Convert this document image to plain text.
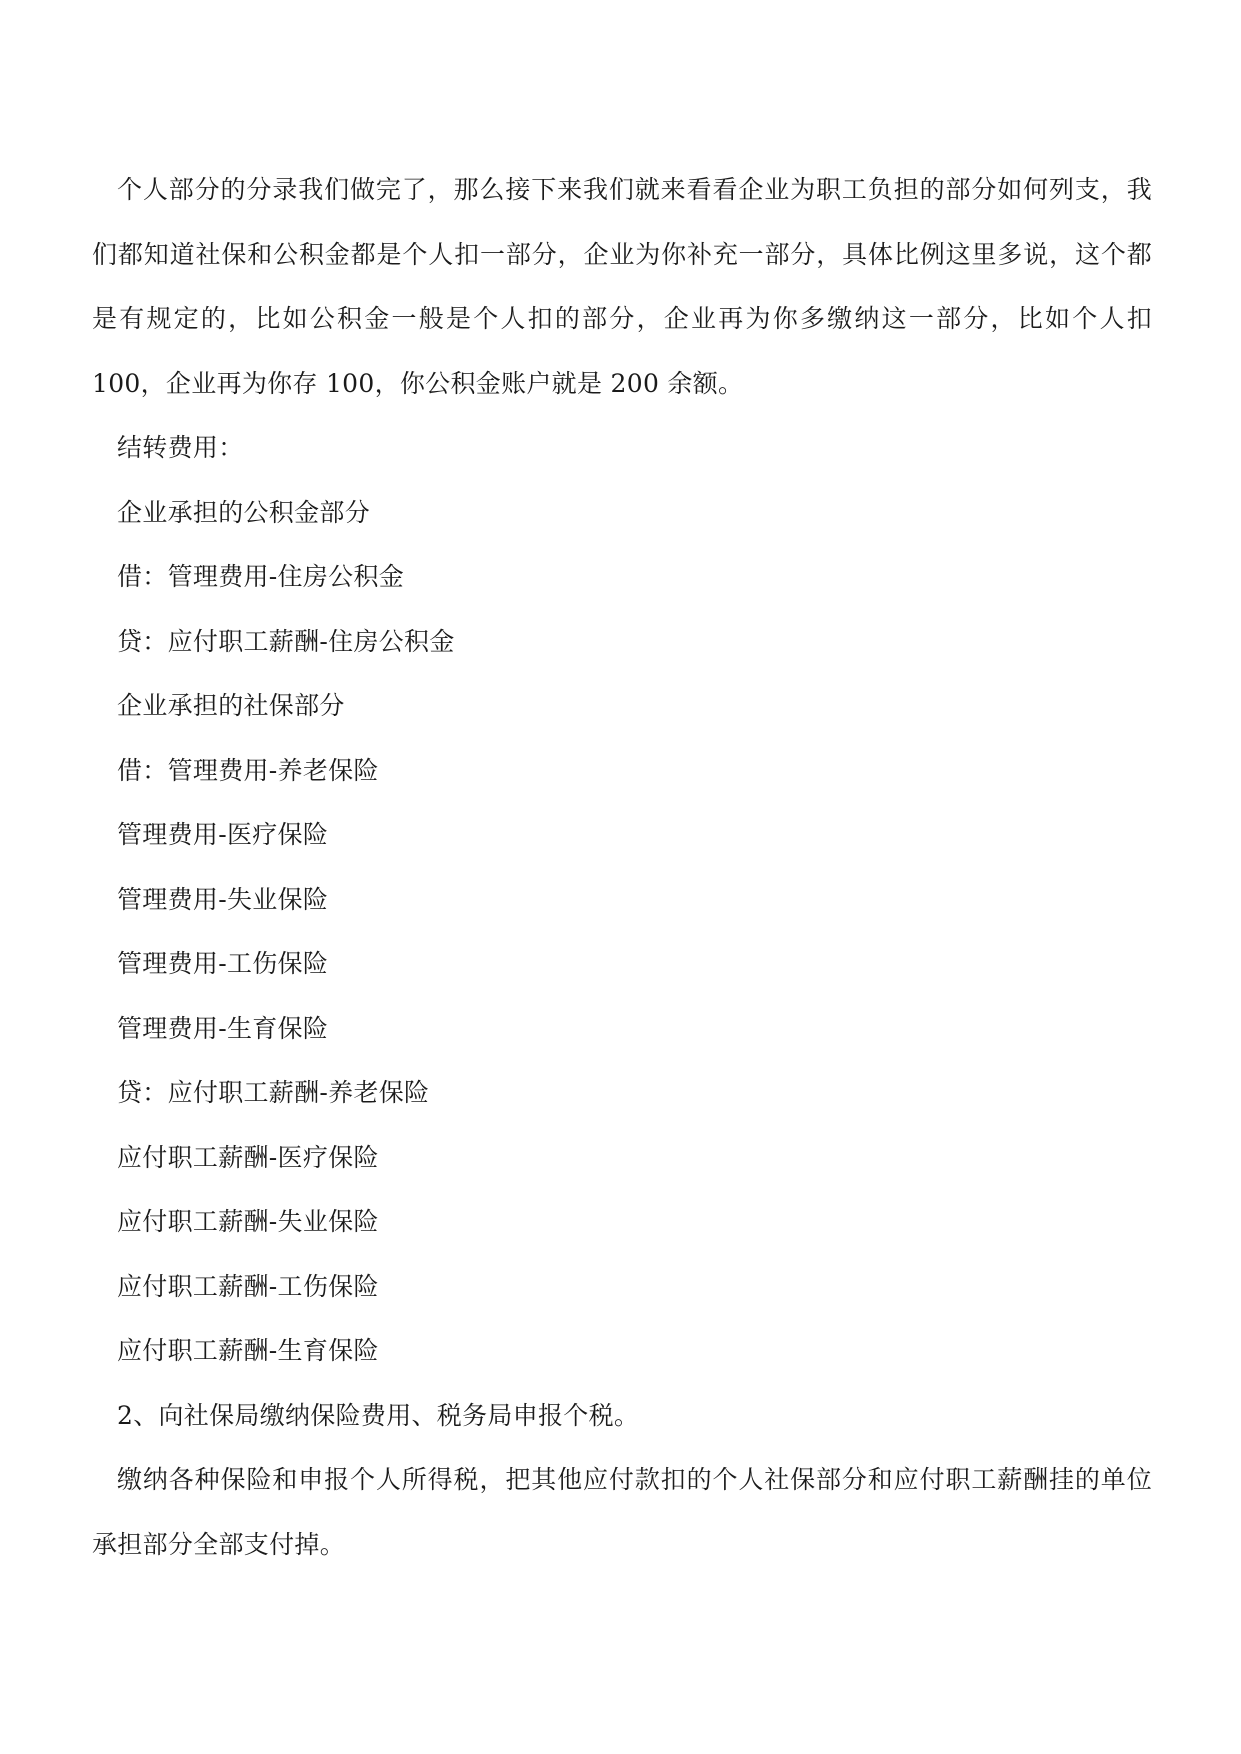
个人部分的分录我们做完了，那么接下来我们就来看看企业为职工负担的部分如何列支，我们都知道社保和公积金都是个人扣一部分，企业为你补充一部分，具体比例这里多说，这个都是有规定的，比如公积金一般是个人扣的部分，企业再为你多缴纳这一部分，比如个人扣 100，企业再为你存 100，你公积金账户就是 200 余额。

结转费用：

企业承担的公积金部分

借：管理费用-住房公积金

贷：应付职工薪酬-住房公积金

企业承担的社保部分

借：管理费用-养老保险

管理费用-医疗保险

管理费用-失业保险

管理费用-工伤保险

管理费用-生育保险

贷：应付职工薪酬-养老保险

应付职工薪酬-医疗保险

应付职工薪酬-失业保险

应付职工薪酬-工伤保险

应付职工薪酬-生育保险

2、向社保局缴纳保险费用、税务局申报个税。

缴纳各种保险和申报个人所得税，把其他应付款扣的个人社保部分和应付职工薪酬挂的单位承担部分全部支付掉。
